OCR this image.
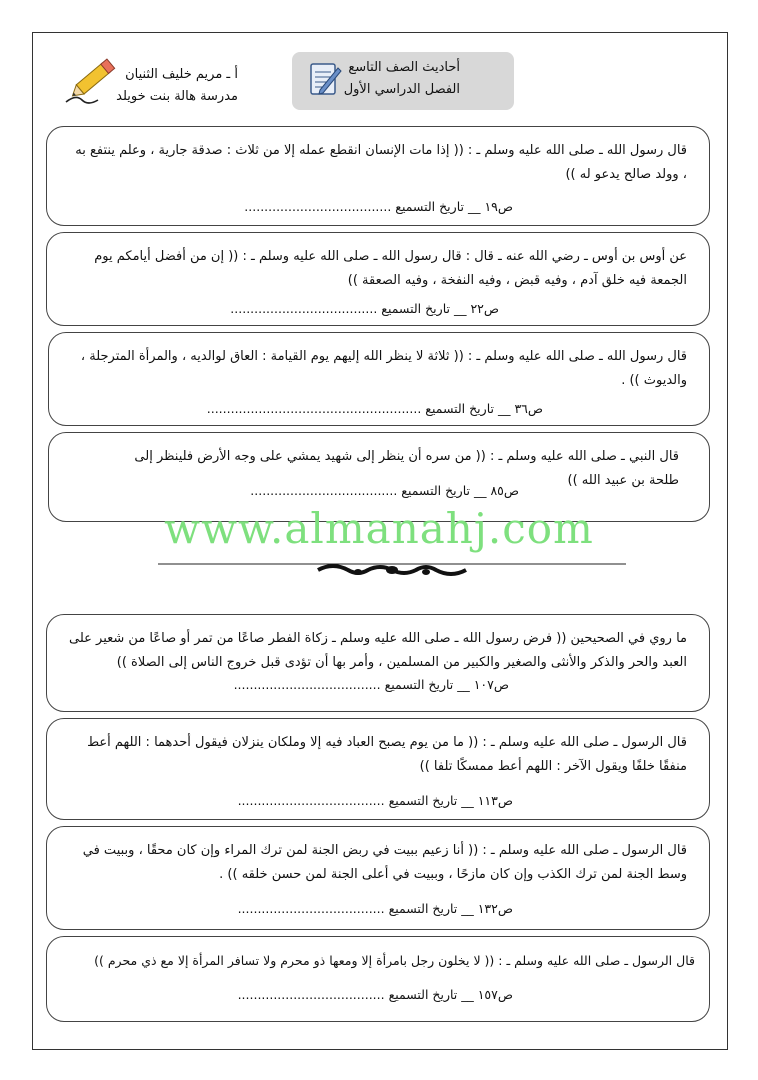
أحاديث الصف التاسع
الفصل الدراسي الأول
أ ـ مريم خليف الثنيان
مدرسة هالة بنت خويلد
قال رسول الله ـ صلى الله عليه وسلم ـ : (( إذا مات الإنسان انقطع عمله إلا من ثلاث : صدقة جارية ، وعلم ينتفع به ، وولد صالح يدعو له ))
ص١٩ __ تاريخ التسميع .....................................
عن أوس بن أوس ـ رضي الله عنه ـ قال : قال رسول الله ـ صلى الله عليه وسلم ـ : (( إن من أفضل أيامكم يوم الجمعة فيه خلق آدم ، وفيه قبض ، وفيه النفخة ، وفيه الصعقة ))
ص٢٢ __ تاريخ التسميع .....................................
قال رسول الله ـ صلى الله عليه وسلم ـ : (( ثلاثة لا ينظر الله إليهم يوم القيامة : العاق لوالديه ، والمرأة المترجلة ، والديوث )) .
ص٣٦ __ تاريخ التسميع ......................................................
قال النبي ـ صلى الله عليه وسلم ـ : (( من سره أن ينظر إلى شهيد يمشي على وجه الأرض فلينظر إلى طلحة بن عبيد الله ))
ص٨٥ __ تاريخ التسميع .....................................
www.almanahj.com
ما روي في الصحيحين (( فرض رسول الله ـ صلى الله عليه وسلم ـ زكاة الفطر صاعًا من تمر أو صاعًا من شعير على العبد والحر والذكر والأنثى والصغير والكبير من المسلمين ، وأمر بها أن تؤدى قبل خروج الناس إلى الصلاة ))
ص١٠٧ __ تاريخ التسميع .....................................
قال الرسول ـ صلى الله عليه وسلم ـ : (( ما من يوم يصبح العباد فيه إلا وملكان ينزلان فيقول أحدهما : اللهم أعط منفقًا خلفًا ويقول الآخر : اللهم أعط ممسكًا تلفا ))
ص١١٣ __ تاريخ التسميع .....................................
قال الرسول ـ صلى الله عليه وسلم ـ : (( أنا زعيم ببيت في ربض الجنة لمن ترك المراء وإن كان محقًا ، وببيت في وسط الجنة لمن ترك الكذب وإن كان مازحًا ، وببيت في أعلى الجنة لمن حسن خلقه )) .
ص١٣٢ __ تاريخ التسميع .....................................
قال الرسول ـ صلى الله عليه وسلم ـ : (( لا يخلون رجل بامرأة إلا ومعها ذو محرم ولا تسافر المرأة إلا مع ذي محرم ))
ص١٥٧ __ تاريخ التسميع .....................................
